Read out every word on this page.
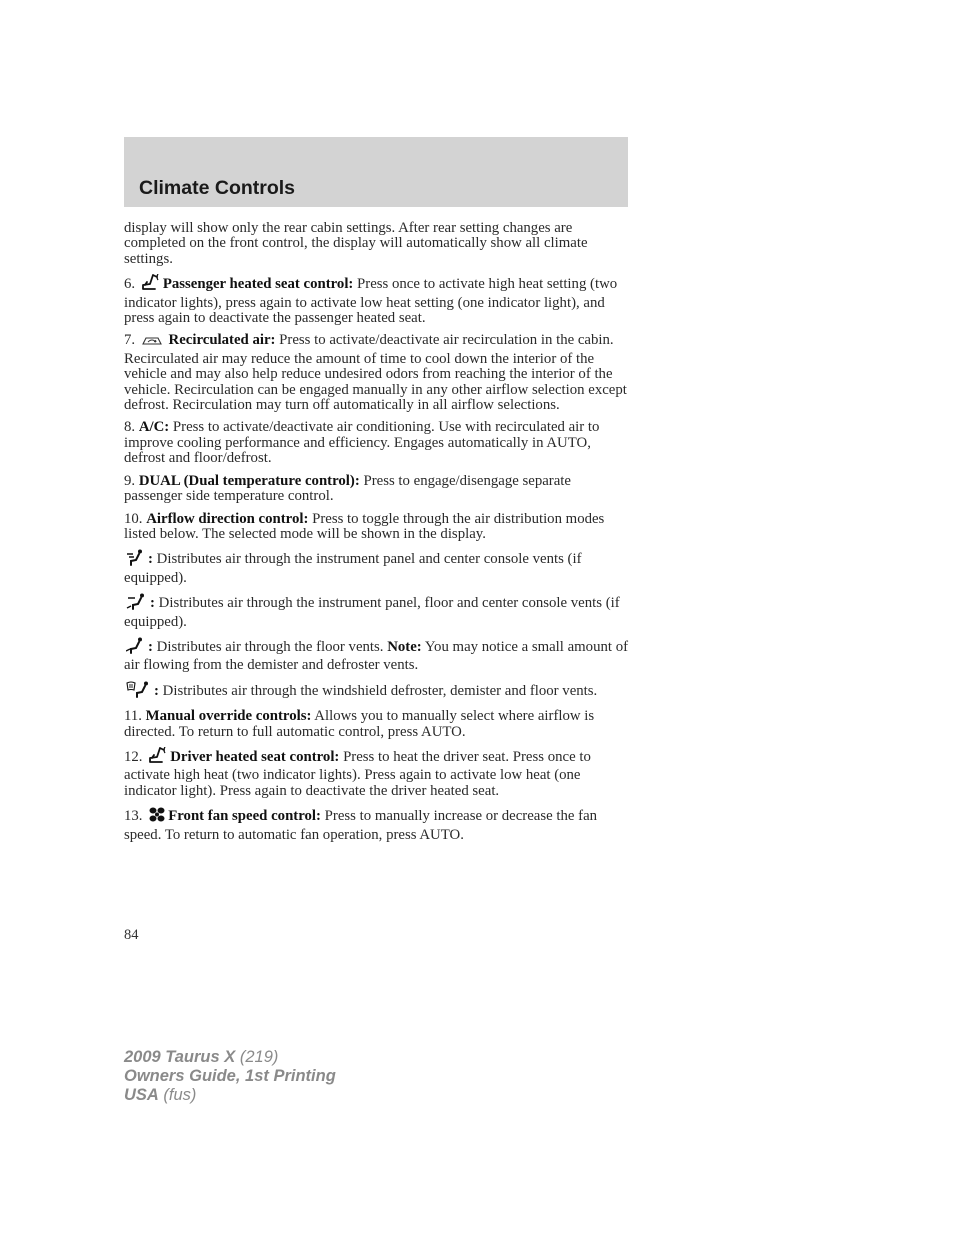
Climate Controls

display will show only the rear cabin settings. After rear setting changes are completed on the front control, the display will automatically show all climate settings.

6. Passenger heated seat control: Press once to activate high heat setting (two indicator lights), press again to activate low heat setting (one indicator light), and press again to deactivate the passenger heated seat.

7. Recirculated air: Press to activate/deactivate air recirculation in the cabin. Recirculated air may reduce the amount of time to cool down the interior of the vehicle and may also help reduce undesired odors from reaching the interior of the vehicle. Recirculation can be engaged manually in any other airflow selection except defrost. Recirculation may turn off automatically in all airflow selections.

8. A/C: Press to activate/deactivate air conditioning. Use with recirculated air to improve cooling performance and efficiency. Engages automatically in AUTO, defrost and floor/defrost.

9. DUAL (Dual temperature control): Press to engage/disengage separate passenger side temperature control.

10. Airflow direction control: Press to toggle through the air distribution modes listed below. The selected mode will be shown in the display.

: Distributes air through the instrument panel and center console vents (if equipped).

: Distributes air through the instrument panel, floor and center console vents (if equipped).

: Distributes air through the floor vents. Note: You may notice a small amount of air flowing from the demister and defroster vents.

: Distributes air through the windshield defroster, demister and floor vents.

11. Manual override controls: Allows you to manually select where airflow is directed. To return to full automatic control, press AUTO.

12. Driver heated seat control: Press to heat the driver seat. Press once to activate high heat (two indicator lights). Press again to activate low heat (one indicator light). Press again to deactivate the driver heated seat.

13. Front fan speed control: Press to manually increase or decrease the fan speed. To return to automatic fan operation, press AUTO.

84
2009 Taurus X (219)
Owners Guide, 1st Printing
USA (fus)
